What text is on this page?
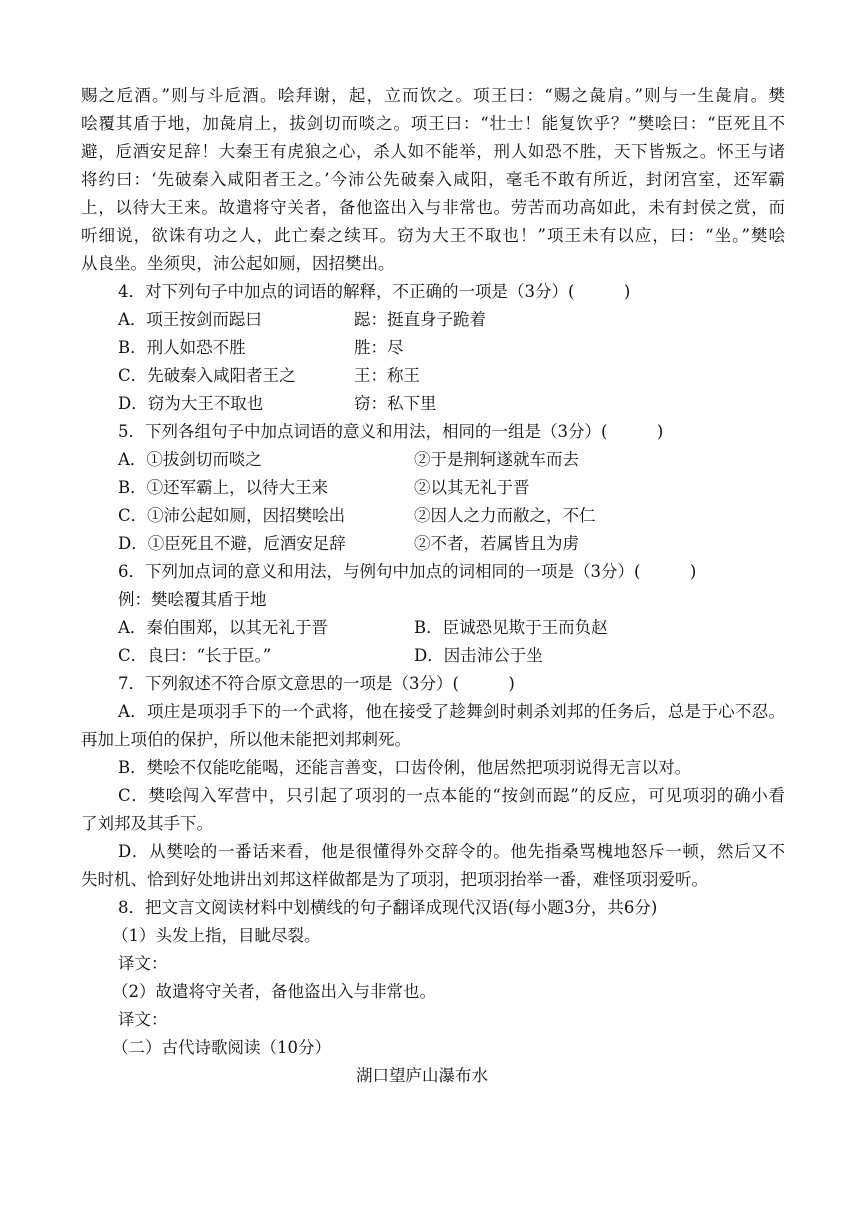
赐之卮酒。”则与斗卮酒。哙拜谢，起，立而饮之。项王曰：“赐之彘肩。”则与一生彘肩。樊
哙覆其盾于地，加彘肩上，拔剑切而啖之。项王曰：“壮士！能复饮乎？”樊哙曰：“臣死且不
避，卮酒安足辞！大秦王有虎狼之心，杀人如不能举，刑人如恐不胜，天下皆叛之。怀王与诸
将约曰：‘先破秦入咸阳者王之。’今沛公先破秦入咸阳，毫毛不敢有所近，封闭宫室，还军霸
上，以待大王来。故遣将守关者，备他盗出入与非常也。劳苦而功高如此，未有封侯之赏，而
听细说，欲诛有功之人，此亡秦之续耳。窃为大王不取也！”项王未有以应，曰：“坐。”樊哙
从良坐。坐须臾，沛公起如厕，因招樊出。
4．对下列句子中加点的词语的解释，不正确的一项是（3分）(　　　)
A．项王按剑而跽曰	跽：挺直身子跪着
B．刑人如恐不胜	胜：尽
C．先破秦入咸阳者王之	王：称王
D．窃为大王不取也	窃：私下里
5．下列各组句子中加点词语的意义和用法，相同的一组是（3分）(　　　)
A．①拔剑切而啖之	②于是荆轲遂就车而去
B．①还军霸上，以待大王来	②以其无礼于晋
C．①沛公起如厕，因招樊哙出	②因人之力而敝之，不仁
D．①臣死且不避，卮酒安足辞	②不者，若属皆且为虏
6．下列加点词的意义和用法，与例句中加点的词相同的一项是（3分）(　　　)
例：樊哙覆其盾于地
A．秦伯围郑，以其无礼于晋	B．臣诚恐见欺于王而负赵
C．良曰：“长于臣。”	D．因击沛公于坐
7．下列叙述不符合原文意思的一项是（3分）(　　　)
A．项庄是项羽手下的一个武将，他在接受了趁舞剑时刺杀刘邦的任务后，总是于心不忍。
再加上项伯的保护，所以他未能把刘邦刺死。
B．樊哙不仅能吃能喝，还能言善变，口齿伶俐，他居然把项羽说得无言以对。
C．樊哙闯入军营中，只引起了项羽的一点本能的“按剑而跽”的反应，可见项羽的确小看
了刘邦及其手下。
D．从樊哙的一番话来看，他是很懂得外交辞令的。他先指桑骂槐地怒斥一顿，然后又不
失时机、恰到好处地讲出刘邦这样做都是为了项羽，把项羽抬举一番，难怪项羽爱听。
8．把文言文阅读材料中划横线的句子翻译成现代汉语(每小题3分，共6分)
（1）头发上指，目眦尽裂。
译文：
（2）故遣将守关者，备他盗出入与非常也。
译文：
（二）古代诗歌阅读（10分）
湖口望庐山瀑布水
